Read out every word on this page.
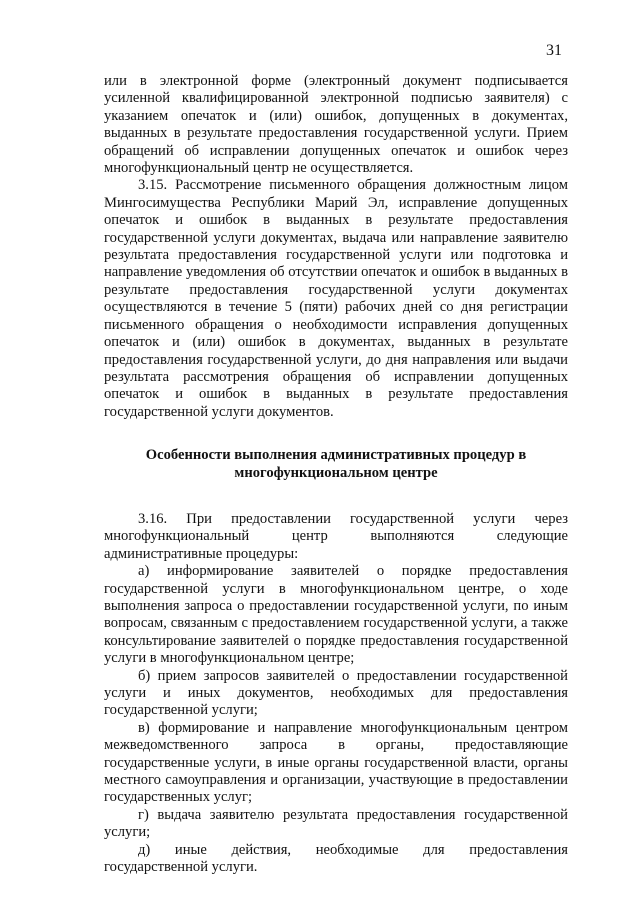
31

или в электронной форме (электронный документ подписывается усиленной квалифицированной электронной подписью заявителя) с указанием опечаток и (или) ошибок, допущенных в документах, выданных в результате предоставления государственной услуги. Прием обращений об исправлении допущенных опечаток и ошибок через многофункциональный центр не осуществляется.

3.15. Рассмотрение письменного обращения должностным лицом Мингосимущества Республики Марий Эл, исправление допущенных опечаток и ошибок в выданных в результате предоставления государственной услуги документах, выдача или направление заявителю результата предоставления государственной услуги или подготовка и направление уведомления об отсутствии опечаток и ошибок в выданных в результате предоставления государственной услуги документах осуществляются в течение 5 (пяти) рабочих дней со дня регистрации письменного обращения о необходимости исправления допущенных опечаток и (или) ошибок в документах, выданных в результате предоставления государственной услуги, до дня направления или выдачи результата рассмотрения обращения об исправлении допущенных опечаток и ошибок в выданных в результате предоставления государственной услуги документов.

Особенности выполнения административных процедур в
многофункциональном центре

3.16. При предоставлении государственной услуги через многофункциональный центр выполняются следующие административные процедуры:

а) информирование заявителей о порядке предоставления государственной услуги в многофункциональном центре, о ходе выполнения запроса о предоставлении государственной услуги, по иным вопросам, связанным с предоставлением государственной услуги, а также консультирование заявителей о порядке предоставления государственной услуги в многофункциональном центре;

б) прием запросов заявителей о предоставлении государственной услуги и иных документов, необходимых для предоставления государственной услуги;

в) формирование и направление многофункциональным центром межведомственного запроса в органы, предоставляющие государственные услуги, в иные органы государственной власти, органы местного самоуправления и организации, участвующие в предоставлении государственных услуг;

г) выдача заявителю результата предоставления государственной услуги;

д) иные действия, необходимые для предоставления государственной услуги.
